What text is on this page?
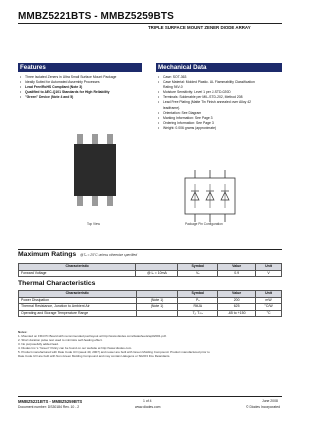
MMBZ5221BTS - MMBZ5259BTS
TRIPLE SURFACE MOUNT ZENER DIODE ARRAY
Features
• Three Isolated Zeners in Ultra Small Surface Mount Package
• Ideally Suited for Automated Assembly Processes
• Lead Free/RoHS Compliant (Note 3)
• Qualified to AEC-Q101 Standards for High Reliability
• "Green" Device (Note 4 and 5)
Mechanical Data
• Case: SOT-363
• Case Material: Molded Plastic. UL Flammability Classification
Rating 94V-0
• Moisture Sensitivity: Level 1 per J-STD-020D
• Terminals: Solderable per MIL-STD-202, Method 208
• Lead Free Plating (Matte Tin Finish annealed over Alloy 42
leadframe).
• Orientation: See Diagram
• Marking Information: See Page 3
• Ordering Information: See Page 3
• Weight: 0.006 grams (approximate)
Top View	Package Pin Configuration
Maximum Ratings @Tₐ = 25°C unless otherwise specified
Characteristic		Symbol	Value	Unit
Forward Voltage	@ Iₑ = 10mA	Vₑ	0.9	V
Thermal Characteristics
Characteristic		Symbol	Value	Unit
Power Dissipation	(Note 1)	Pₑ	200	mW
Thermal Resistance, Junction to Ambient Air	(Note 1)	RθJA	625	°C/W
Operating and Storage Temperature Range		Tⱼ, Tₛₜₒ	-65 to +150	°C
Notes:
1. Mounted on FR4 PC Board with recommended pad layout at http://www.diodes.com/datasheets/ap02001.pdf.
2. Short duration pulse test used to minimize self-heating effect.
3. No purposefully added lead.
4. Diodes Inc.'s "Green" Policy can be found on our website at http://www.diodes.com.
5. Product manufactured with Date Code UO (week 40, 2007) and newer are built with Green Molding Compound. Product manufactured prior to
Date Code UO are built with Non-Green Molding Compound and may contain Halogens or Sb2O3 Fire Retardants.
MMBZ5221BTS - MMBZ5259BTS
Document number: DS30184 Rev. 10 - 2
1 of 4
www.diodes.com
June 2008
© Diodes Incorporated
